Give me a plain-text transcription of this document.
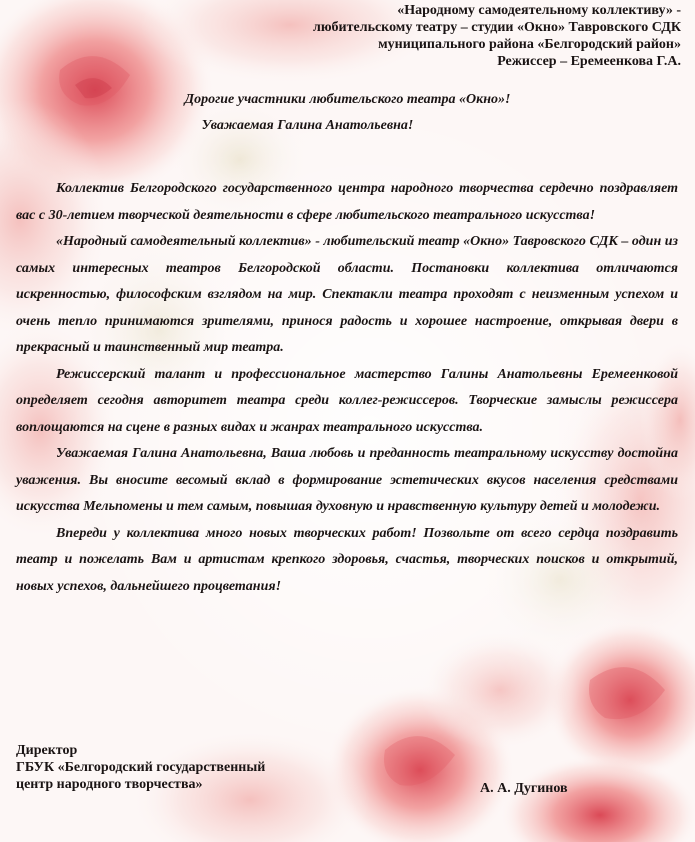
«Народному самодеятельному коллективу» -
любительскому театру – студии «Окно» Тавровского СДК
муниципального района «Белгородский район»
Режиссер – Еремеенкова Г.А.
Дорогие участники любительского театра «Окно»!
Уважаемая Галина Анатольевна!

Коллектив Белгородского государственного центра народного творчества сердечно поздравляет вас с 30-летием творческой деятельности в сфере любительского театрального искусства!

«Народный самодеятельный коллектив» - любительский театр «Окно» Тавровского СДК – один из самых интересных театров Белгородской области. Постановки коллектива отличаются искренностью, философским взглядом на мир. Спектакли театра проходят с неизменным успехом и очень тепло принимаются зрителями, принося радость и хорошее настроение, открывая двери в прекрасный и таинственный мир театра.

Режиссерский талант и профессиональное мастерство Галины Анатольевны Еремеенковой определяет сегодня авторитет театра среди коллег-режиссеров. Творческие замыслы режиссера воплощаются на сцене в разных видах и жанрах театрального искусства.

Уважаемая Галина Анатольевна, Ваша любовь и преданность театральному искусству достойна уважения. Вы вносите весомый вклад в формирование эстетических вкусов населения средствами искусства Мельпомены и тем самым, повышая духовную и нравственную культуру детей и молодежи.

Впереди у коллектива много новых творческих работ! Позвольте от всего сердца поздравить театр и пожелать Вам и артистам крепкого здоровья, счастья, творческих поисков и открытий, новых успехов, дальнейшего процветания!

Директор
ГБУК «Белгородский государственный
центр народного творчества»	А. А. Дугинов
